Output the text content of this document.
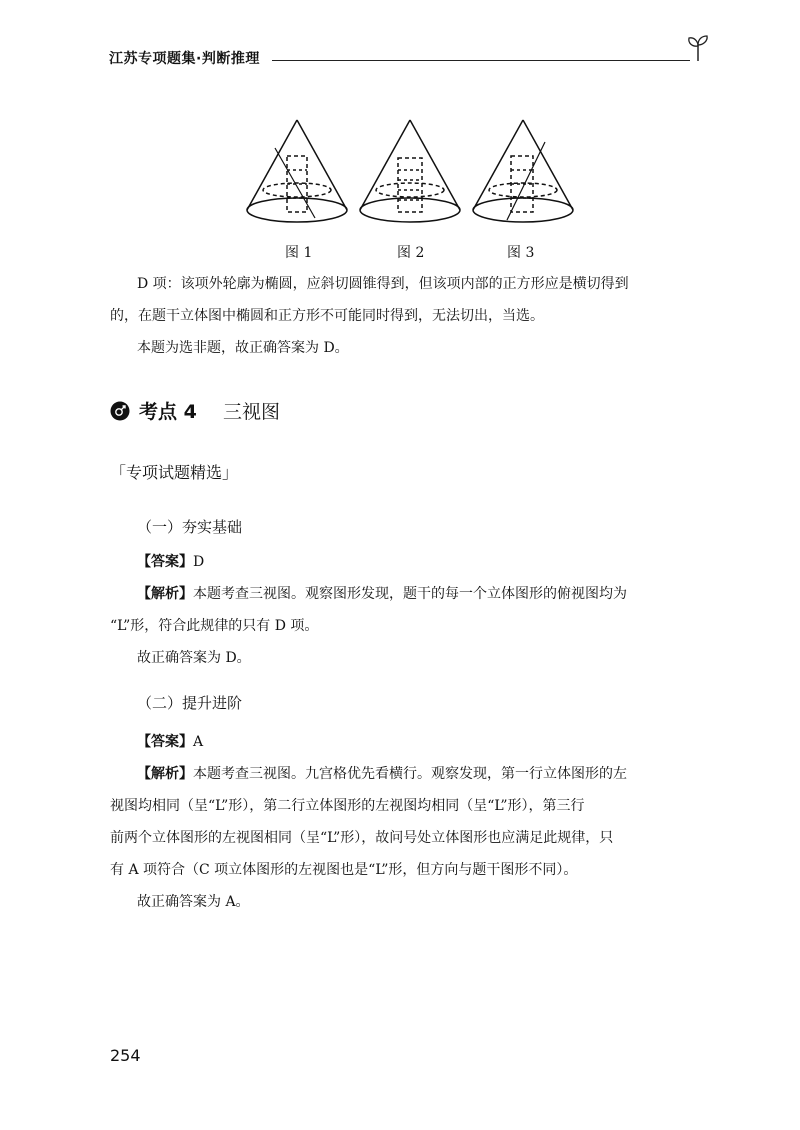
江苏专项题集·判断推理
图 1	图 2	图 3
D 项：该项外轮廓为椭圆，应斜切圆锥得到，但该项内部的正方形应是横切得到
的，在题干立体图中椭圆和正方形不可能同时得到，无法切出，当选。
本题为选非题，故正确答案为 D。
考点 4 三视图
「专项试题精选」
（一）夯实基础
【答案】D
【解析】本题考查三视图。观察图形发现，题干的每一个立体图形的俯视图均为
“L”形，符合此规律的只有 D 项。
故正确答案为 D。
（二）提升进阶
【答案】A
【解析】本题考查三视图。九宫格优先看横行。观察发现，第一行立体图形的左
视图均相同（呈“L”形），第二行立体图形的左视图均相同（呈“L”形），第三行
前两个立体图形的左视图相同（呈“L”形），故问号处立体图形也应满足此规律，只
有 A 项符合（C 项立体图形的左视图也是“L”形，但方向与题干图形不同）。
故正确答案为 A。
254
